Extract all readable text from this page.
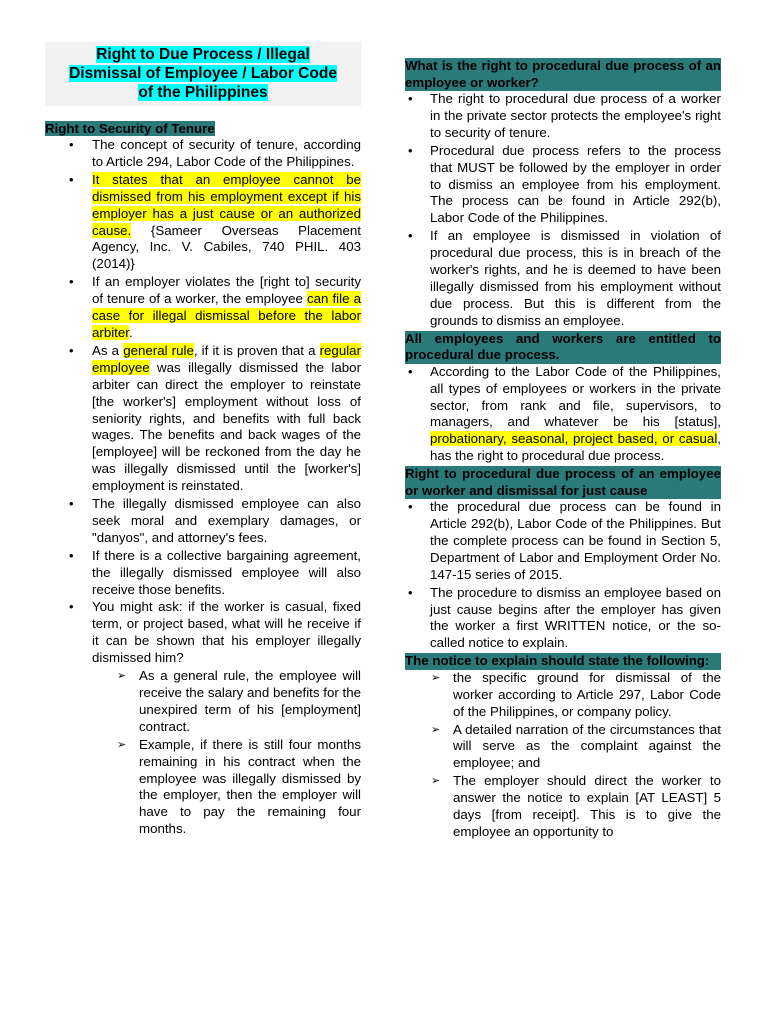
Right to Due Process / Illegal
Dismissal of Employee / Labor Code
of the Philippines
Right to Security of Tenure
• The concept of security of tenure, according to Article 294, Labor Code of the Philippines.
• It states that an employee cannot be dismissed from his employment except if his employer has a just cause or an authorized cause. {Sameer Overseas Placement Agency, Inc. V. Cabiles, 740 PHIL. 403 (2014)}
• If an employer violates the [right to] security of tenure of a worker, the employee can file a case for illegal dismissal before the labor arbiter.
• As a general rule, if it is proven that a regular employee was illegally dismissed the labor arbiter can direct the employer to reinstate [the worker's] employment without loss of seniority rights, and benefits with full back wages. The benefits and back wages of the [employee] will be reckoned from the day he was illegally dismissed until the [worker's] employment is reinstated.
• The illegally dismissed employee can also seek moral and exemplary damages, or "danyos", and attorney's fees.
• If there is a collective bargaining agreement, the illegally dismissed employee will also receive those benefits.
• You might ask: if the worker is casual, fixed term, or project based, what will he receive if it can be shown that his employer illegally dismissed him?
➢ As a general rule, the employee will receive the salary and benefits for the unexpired term of his [employment] contract.
➢ Example, if there is still four months remaining in his contract when the employee was illegally dismissed by the employer, then the employer will have to pay the remaining four months.
What is the right to procedural due process of an employee or worker?
• The right to procedural due process of a worker in the private sector protects the employee's right to security of tenure.
• Procedural due process refers to the process that MUST be followed by the employer in order to dismiss an employee from his employment. The process can be found in Article 292(b), Labor Code of the Philippines.
• If an employee is dismissed in violation of procedural due process, this is in breach of the worker's rights, and he is deemed to have been illegally dismissed from his employment without due process. But this is different from the grounds to dismiss an employee.
All employees and workers are entitled to procedural due process.
• According to the Labor Code of the Philippines, all types of employees or workers in the private sector, from rank and file, supervisors, to managers, and whatever be his [status], probationary, seasonal, project based, or casual, has the right to procedural due process.
Right to procedural due process of an employee or worker and dismissal for just cause
• the procedural due process can be found in Article 292(b), Labor Code of the Philippines. But the complete process can be found in Section 5, Department of Labor and Employment Order No. 147-15 series of 2015.
• The procedure to dismiss an employee based on just cause begins after the employer has given the worker a first WRITTEN notice, or the so-called notice to explain.
The notice to explain should state the following:
➢ the specific ground for dismissal of the worker according to Article 297, Labor Code of the Philippines, or company policy.
➢ A detailed narration of the circumstances that will serve as the complaint against the employee; and
➢ The employer should direct the worker to answer the notice to explain [AT LEAST] 5 days [from receipt]. This is to give the employee an opportunity to
